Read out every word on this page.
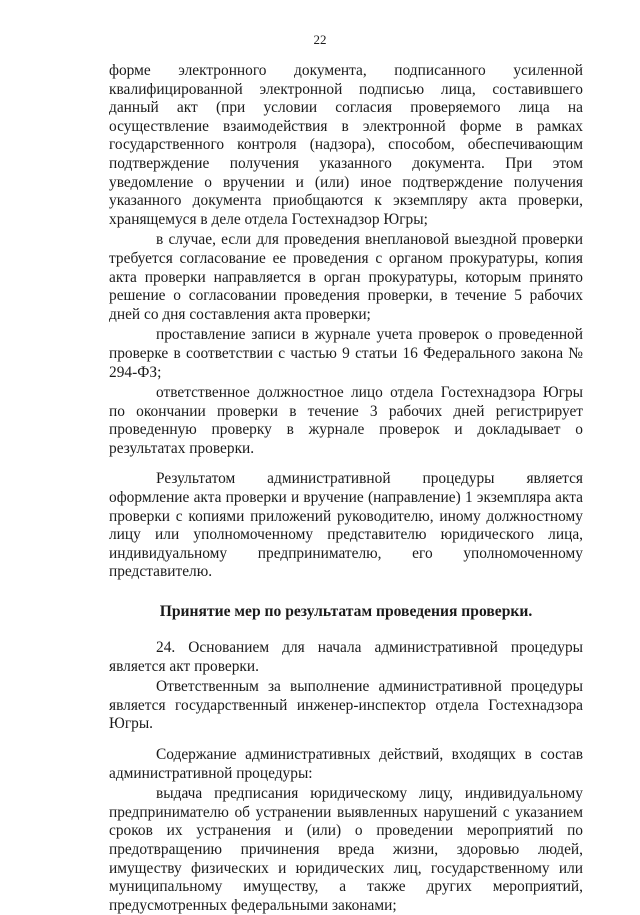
22

форме электронного документа, подписанного усиленной квалифицированной электронной подписью лица, составившего данный акт (при условии согласия проверяемого лица на осуществление взаимодействия в электронной форме в рамках государственного контроля (надзора), способом, обеспечивающим подтверждение получения указанного документа. При этом уведомление о вручении и (или) иное подтверждение получения указанного документа приобщаются к экземпляру акта проверки, хранящемуся в деле отдела Гостехнадзор Югры;

в случае, если для проведения внеплановой выездной проверки требуется согласование ее проведения с органом прокуратуры, копия акта проверки направляется в орган прокуратуры, которым принято решение о согласовании проведения проверки, в течение 5 рабочих дней со дня составления акта проверки;

проставление записи в журнале учета проверок о проведенной проверке в соответствии с частью 9 статьи 16 Федерального закона № 294-ФЗ;

ответственное должностное лицо отдела Гостехнадзора Югры по окончании проверки в течение 3 рабочих дней регистрирует проведенную проверку в журнале проверок и докладывает о результатах проверки.

Результатом административной процедуры является оформление акта проверки и вручение (направление) 1 экземпляра акта проверки с копиями приложений руководителю, иному должностному лицу или уполномоченному представителю юридического лица, индивидуальному предпринимателю, его уполномоченному представителю.

Принятие мер по результатам проведения проверки.

24. Основанием для начала административной процедуры является акт проверки.

Ответственным за выполнение административной процедуры является государственный инженер-инспектор отдела Гостехнадзора Югры.

Содержание административных действий, входящих в состав административной процедуры:

выдача предписания юридическому лицу, индивидуальному предпринимателю об устранении выявленных нарушений с указанием сроков их устранения и (или) о проведении мероприятий по предотвращению причинения вреда жизни, здоровью людей, имуществу физических и юридических лиц, государственному или муниципальному имуществу, а также других мероприятий, предусмотренных федеральными законами;
